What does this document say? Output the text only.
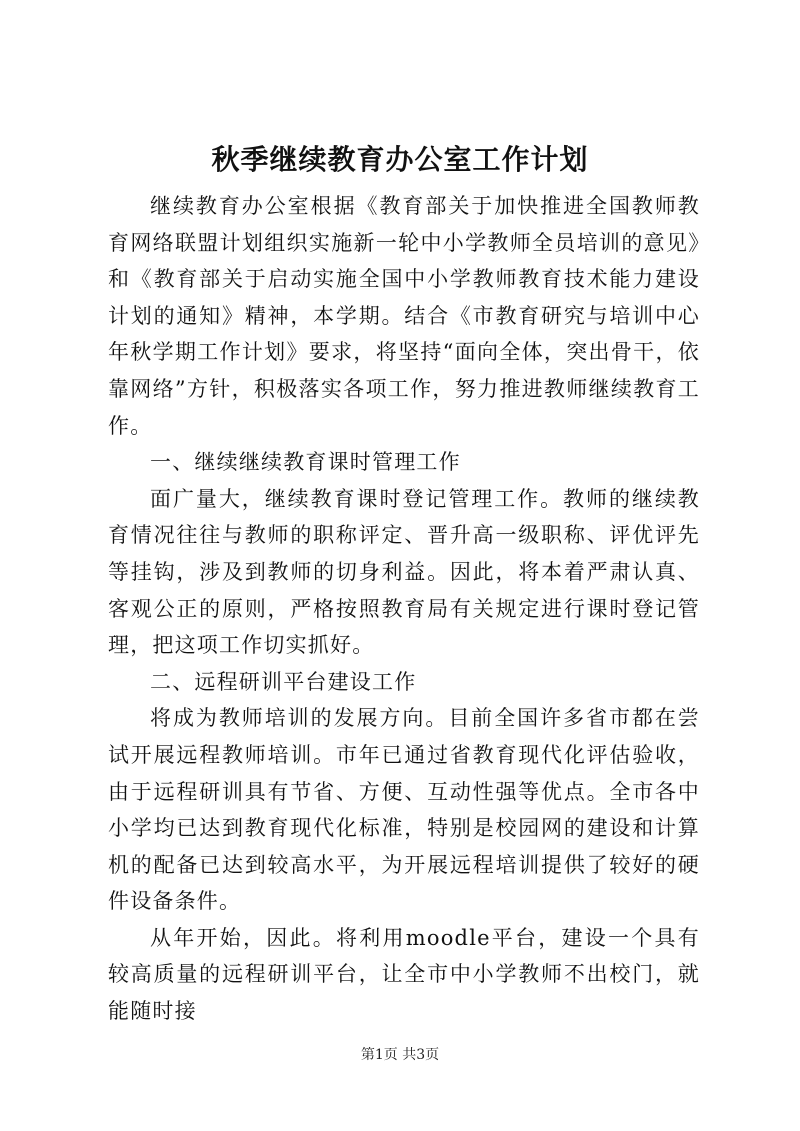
秋季继续教育办公室工作计划

继续教育办公室根据《教育部关于加快推进全国教师教育网络联盟计划组织实施新一轮中小学教师全员培训的意见》和《教育部关于启动实施全国中小学教师教育技术能力建设计划的通知》精神，本学期。结合《市教育研究与培训中心年秋学期工作计划》要求，将坚持“面向全体，突出骨干，依靠网络”方针，积极落实各项工作，努力推进教师继续教育工作。

一、继续继续教育课时管理工作

面广量大，继续教育课时登记管理工作。教师的继续教育情况往往与教师的职称评定、晋升高一级职称、评优评先等挂钩，涉及到教师的切身利益。因此，将本着严肃认真、客观公正的原则，严格按照教育局有关规定进行课时登记管理，把这项工作切实抓好。

二、远程研训平台建设工作

将成为教师培训的发展方向。目前全国许多省市都在尝试开展远程教师培训。市年已通过省教育现代化评估验收，由于远程研训具有节省、方便、互动性强等优点。全市各中小学均已达到教育现代化标准，特别是校园网的建设和计算机的配备已达到较高水平，为开展远程培训提供了较好的硬件设备条件。

从年开始，因此。将利用moodle平台，建设一个具有较高质量的远程研训平台，让全市中小学教师不出校门，就能随时接

第1页 共3页
